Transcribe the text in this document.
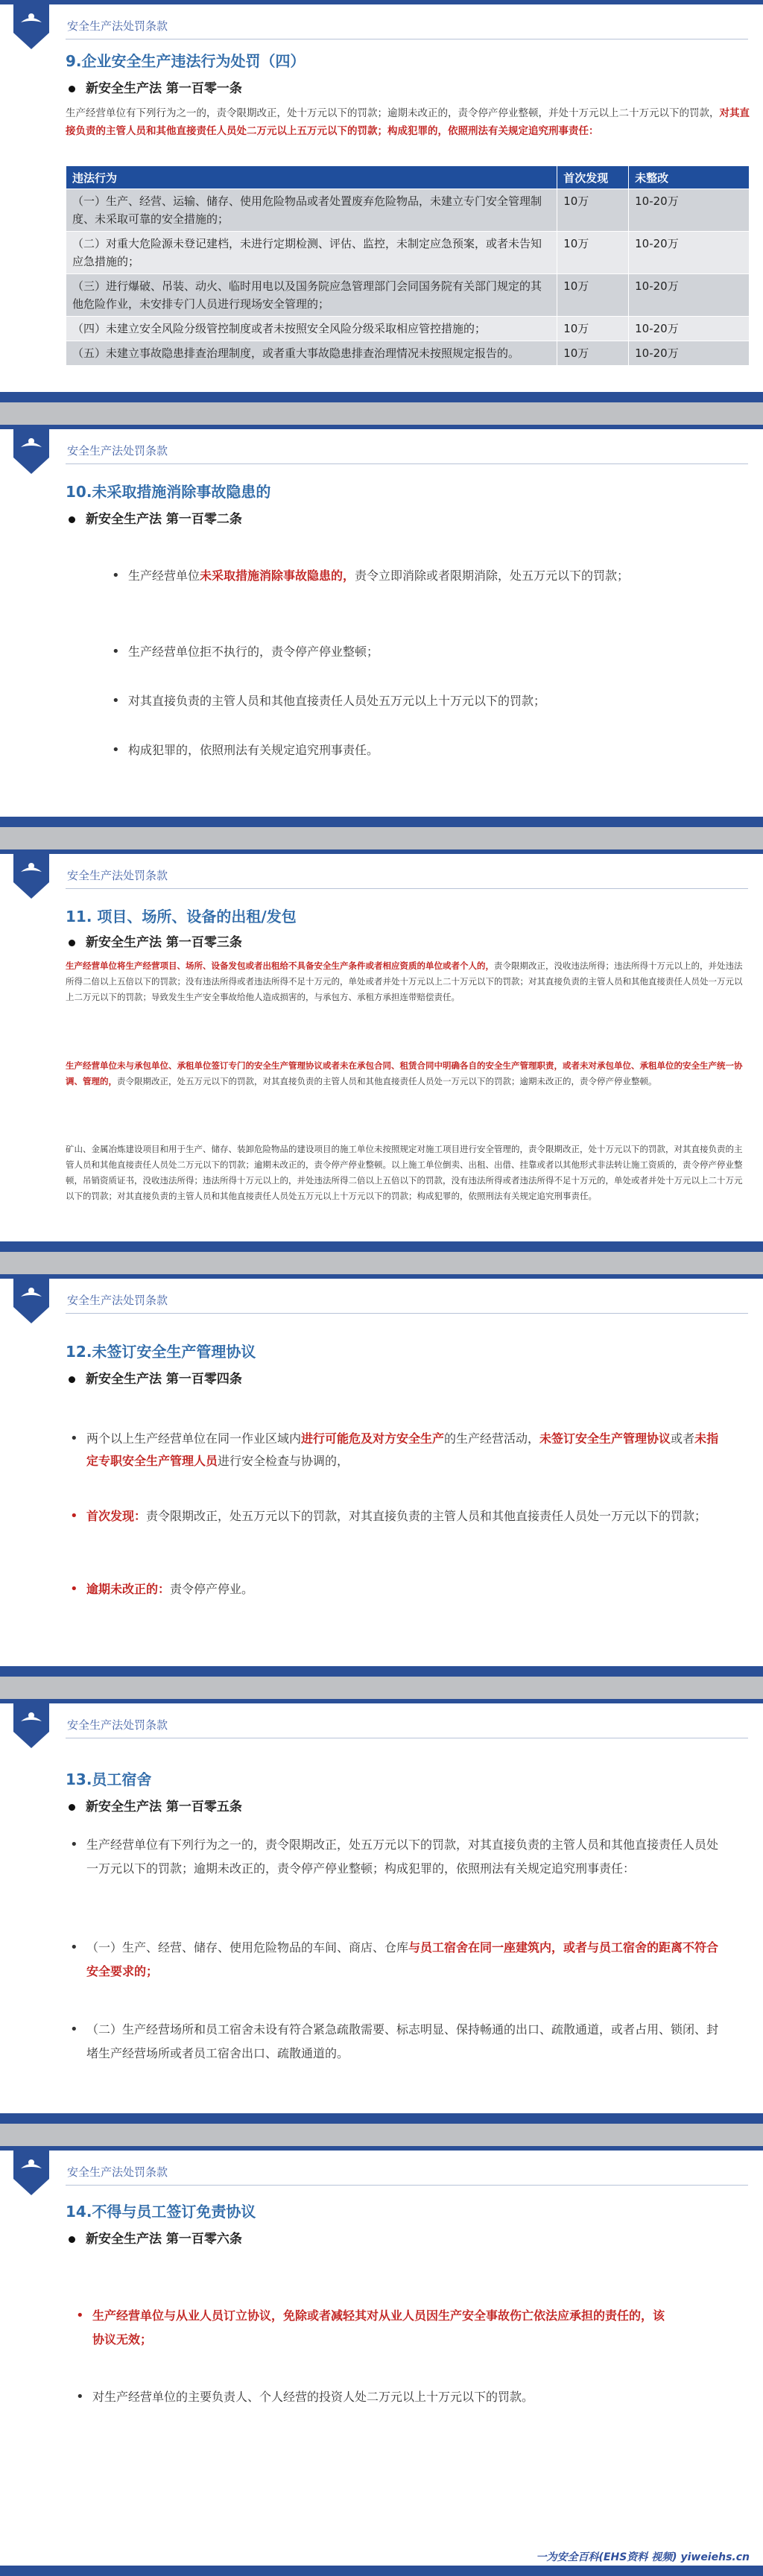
安全生产法处罚条款
9.企业安全生产违法行为处罚（四）
新安全生产法 第一百零一条
生产经营单位有下列行为之一的，责令限期改正，处十万元以下的罚款；逾期未改正的，责令停产停业整顿，并处十万元以上二十万元以下的罚款，对其直接负责的主管人员和其他直接责任人员处二万元以上五万元以下的罚款；构成犯罪的，依照刑法有关规定追究刑事责任：
违法行为	首次发现	未整改
（一）生产、经营、运输、储存、使用危险物品或者处置废弃危险物品，未建立专门安全管理制度、未采取可靠的安全措施的；	10万	10-20万
（二）对重大危险源未登记建档，未进行定期检测、评估、监控，未制定应急预案，或者未告知应急措施的；	10万	10-20万
（三）进行爆破、吊装、动火、临时用电以及国务院应急管理部门会同国务院有关部门规定的其他危险作业，未安排专门人员进行现场安全管理的；	10万	10-20万
（四）未建立安全风险分级管控制度或者未按照安全风险分级采取相应管控措施的；	10万	10-20万
（五）未建立事故隐患排查治理制度，或者重大事故隐患排查治理情况未按照规定报告的。	10万	10-20万
安全生产法处罚条款
10.未采取措施消除事故隐患的
新安全生产法 第一百零二条
• 生产经营单位未采取措施消除事故隐患的，责令立即消除或者限期消除，处五万元以下的罚款；
• 生产经营单位拒不执行的，责令停产停业整顿；
• 对其直接负责的主管人员和其他直接责任人员处五万元以上十万元以下的罚款；
• 构成犯罪的，依照刑法有关规定追究刑事责任。
安全生产法处罚条款
11. 项目、场所、设备的出租/发包
新安全生产法 第一百零三条
生产经营单位将生产经营项目、场所、设备发包或者出租给不具备安全生产条件或者相应资质的单位或者个人的，责令限期改正，没收违法所得；违法所得十万元以上的，并处违法所得二倍以上五倍以下的罚款；没有违法所得或者违法所得不足十万元的，单处或者并处十万元以上二十万元以下的罚款；对其直接负责的主管人员和其他直接责任人员处一万元以上二万元以下的罚款；导致发生生产安全事故给他人造成损害的，与承包方、承租方承担连带赔偿责任。
生产经营单位未与承包单位、承租单位签订专门的安全生产管理协议或者未在承包合同、租赁合同中明确各自的安全生产管理职责，或者未对承包单位、承租单位的安全生产统一协调、管理的，责令限期改正，处五万元以下的罚款，对其直接负责的主管人员和其他直接责任人员处一万元以下的罚款；逾期未改正的，责令停产停业整顿。
矿山、金属冶炼建设项目和用于生产、储存、装卸危险物品的建设项目的施工单位未按照规定对施工项目进行安全管理的，责令限期改正，处十万元以下的罚款，对其直接负责的主管人员和其他直接责任人员处二万元以下的罚款；逾期未改正的，责令停产停业整顿。以上施工单位倒卖、出租、出借、挂靠或者以其他形式非法转让施工资质的，责令停产停业整顿，吊销资质证书，没收违法所得；违法所得十万元以上的，并处违法所得二倍以上五倍以下的罚款，没有违法所得或者违法所得不足十万元的，单处或者并处十万元以上二十万元以下的罚款；对其直接负责的主管人员和其他直接责任人员处五万元以上十万元以下的罚款；构成犯罪的，依照刑法有关规定追究刑事责任。
安全生产法处罚条款
12.未签订安全生产管理协议
新安全生产法 第一百零四条
• 两个以上生产经营单位在同一作业区域内进行可能危及对方安全生产的生产经营活动，未签订安全生产管理协议或者未指定专职安全生产管理人员进行安全检查与协调的，
• 首次发现：责令限期改正，处五万元以下的罚款，对其直接负责的主管人员和其他直接责任人员处一万元以下的罚款；
• 逾期未改正的：责令停产停业。
安全生产法处罚条款
13.员工宿舍
新安全生产法 第一百零五条
• 生产经营单位有下列行为之一的，责令限期改正，处五万元以下的罚款，对其直接负责的主管人员和其他直接责任人员处一万元以下的罚款；逾期未改正的，责令停产停业整顿；构成犯罪的，依照刑法有关规定追究刑事责任：
• （一）生产、经营、储存、使用危险物品的车间、商店、仓库与员工宿舍在同一座建筑内，或者与员工宿舍的距离不符合安全要求的；
• （二）生产经营场所和员工宿舍未设有符合紧急疏散需要、标志明显、保持畅通的出口、疏散通道，或者占用、锁闭、封堵生产经营场所或者员工宿舍出口、疏散通道的。
安全生产法处罚条款
14.不得与员工签订免责协议
新安全生产法 第一百零六条
• 生产经营单位与从业人员订立协议，免除或者减轻其对从业人员因生产安全事故伤亡依法应承担的责任的，该协议无效；
• 对生产经营单位的主要负责人、个人经营的投资人处二万元以上十万元以下的罚款。
一为安全百科(EHS资料 视频) yiweiehs.cn
